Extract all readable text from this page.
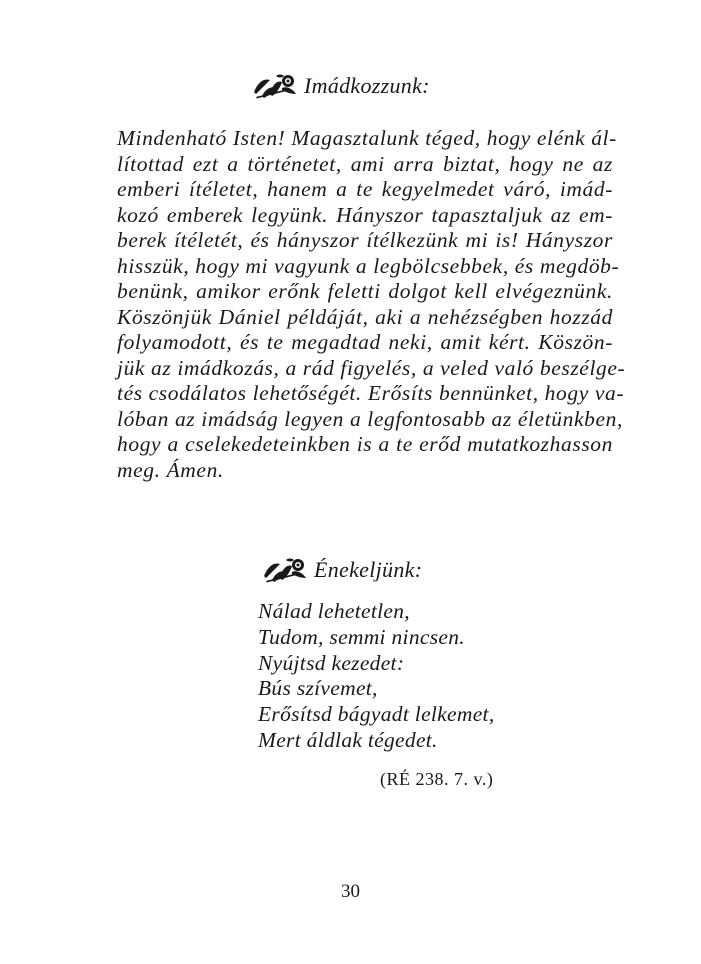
Imádkozzunk:
Mindenható Isten! Magasztalunk téged, hogy elénk ál-
lítottad ezt a történetet, ami arra biztat, hogy ne az
emberi ítéletet, hanem a te kegyelmedet váró, imád-
kozó emberek legyünk. Hányszor tapasztaljuk az em-
berek ítéletét, és hányszor ítélkezünk mi is! Hányszor
hisszük, hogy mi vagyunk a legbölcsebbek, és megdöb-
benünk, amikor erőnk feletti dolgot kell elvégeznünk.
Köszönjük Dániel példáját, aki a nehézségben hozzád
folyamodott, és te megadtad neki, amit kért. Köszön-
jük az imádkozás, a rád figyelés, a veled való beszélge-
tés csodálatos lehetőségét. Erősíts bennünket, hogy va-
lóban az imádság legyen a legfontosabb az életünkben,
hogy a cselekedeteinkben is a te erőd mutatkozhasson
meg. Ámen.
Énekeljünk:
Nálad lehetetlen,
Tudom, semmi nincsen.
Nyújtsd kezedet:
Bús szívemet,
Erősítsd bágyadt lelkemet,
Mert áldlak tégedet.
(RÉ 238. 7. v.)
30
